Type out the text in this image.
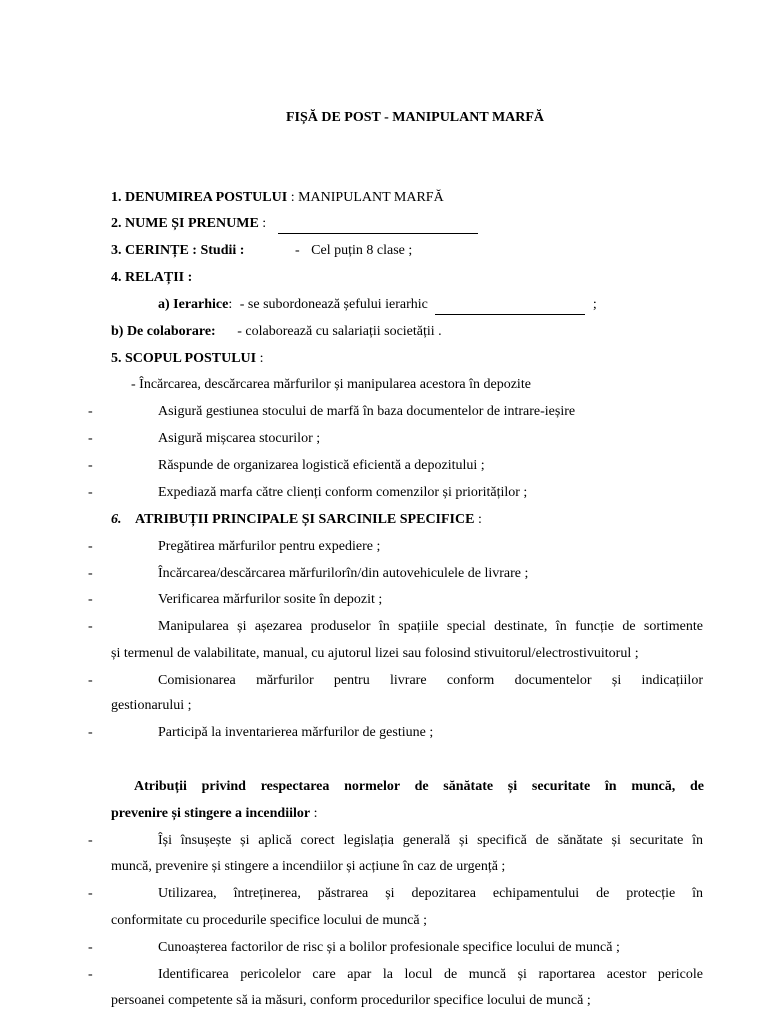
FIȘĂ DE POST - MANIPULANT MARFĂ
1. DENUMIREA POSTULUI : MANIPULANT MARFĂ
2. NUME ȘI PRENUME :
3. CERINȚE : Studii :	- Cel puțin 8 clase ;
4. RELAȚII :
a) Ierarhice: - se subordonează șefului ierarhic	;
b) De colaborare: - colaborează cu salariații societății .
5. SCOPUL POSTULUI :
- Încărcarea, descărcarea mărfurilor și manipularea acestora în depozite
-	Asigură gestiunea stocului de marfă în baza documentelor de intrare-ieșire
-	Asigură mișcarea stocurilor ;
-	Răspunde de organizarea logistică eficientă a depozitului ;
-	Expediază marfa către clienți conform comenzilor și priorităților ;
6. ATRIBUȚII PRINCIPALE ȘI SARCINILE SPECIFICE :
-	Pregătirea mărfurilor pentru expediere ;
-	Încărcarea/descărcarea mărfurilorîn/din autovehiculele de livrare ;
-	Verificarea mărfurilor sosite în depozit ;
-	Manipularea și așezarea produselor în spațiile special destinate, în funcție de sortimente
și termenul de valabilitate, manual, cu ajutorul lizei sau folosind stivuitorul/electrostivuitorul ;
-	Comisionarea mărfurilor pentru livrare conform documentelor și indicațiilor
gestionarului ;
-	Participă la inventarierea mărfurilor de gestiune ;
Atribuții privind respectarea normelor de sănătate și securitate în muncă, de
prevenire și stingere a incendiilor :
-	Își însușește și aplică corect legislația generală și specifică de sănătate și securitate în
muncă, prevenire și stingere a incendiilor și acțiune în caz de urgență ;
-	Utilizarea, întreținerea, păstrarea și depozitarea echipamentului de protecție în
conformitate cu procedurile specifice locului de muncă ;
-	Cunoașterea factorilor de risc și a bolilor profesionale specifice locului de muncă ;
-	Identificarea pericolelor care apar la locul de muncă și raportarea acestor pericole
persoanei competente să ia măsuri, conform procedurilor specifice locului de muncă ;
